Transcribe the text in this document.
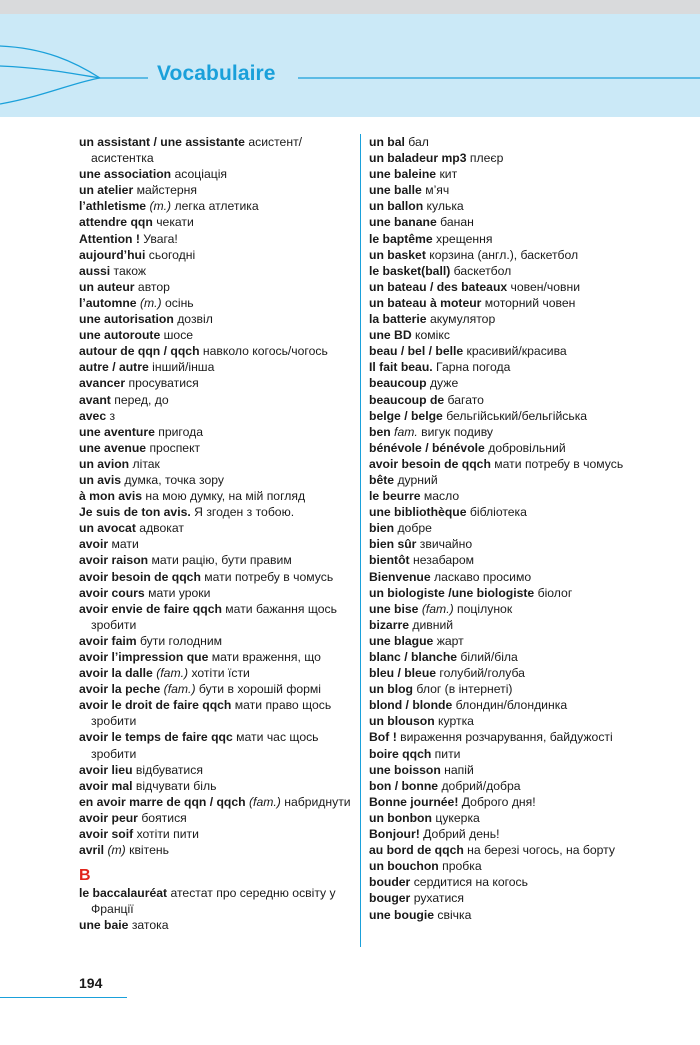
Vocabulaire
un assistant / une assistante асистент/ асистентка
une association асоціація
un atelier майстерня
l’athletisme (m.) легка атлетика
attendre qqn чекати
Attention ! Увага!
aujourd’hui сьогодні
aussi також
un auteur автор
l’automne (m.) осінь
une autorisation дозвіл
une autoroute шосе
autour de qqn / qqch навколо когось/чогось
autre / autre інший/інша
avancer просуватися
avant перед, до
avec з
une aventure пригода
une avenue проспект
un avion літак
un avis думка, точка зору
à mon avis на мою думку, на мій погляд
Je suis de ton avis. Я згоден з тобою.
un avocat адвокат
avoir мати
avoir raison мати рацію, бути правим
avoir besoin de qqch мати потребу в чомусь
avoir cours мати уроки
avoir envie de faire qqch мати бажання щось зробити
avoir faim бути голодним
avoir l’impression que мати враження, що
avoir la dalle (fam.) хотіти їсти
avoir la peche (fam.) бути в хорошій формі
avoir le droit de faire qqch мати право щось зробити
avoir le temps de faire qqc мати час щось зробити
avoir lieu відбуватися
avoir mal відчувати біль
en avoir marre de qqn / qqch (fam.) набриднути
avoir peur боятися
avoir soif хотіти пити
avril (m) квітень
B
le baccalauréat атестат про середню освіту у Франції
une baie затока
un bal бал
un baladeur mp3 плеєр
une baleine кит
une balle м’яч
un ballon кулька
une banane банан
le baptême хрещення
un basket корзина (англ.), баскетбол
le basket(ball) баскетбол
un bateau / des bateaux човен/човни
un bateau à moteur моторний човен
la batterie акумулятор
une BD комікс
beau / bel / belle красивий/красива
Il fait beau. Гарна погода
beaucoup дуже
beaucoup de багато
belge / belge бельгійський/бельгійська
ben fam. вигук подиву
bénévole / bénévole добровільний
avoir besoin de qqch мати потребу в чомусь
bête дурний
le beurre масло
une bibliothèque бібліотека
bien добре
bien sûr звичайно
bientôt незабаром
Bienvenue ласкаво просимо
un biologiste /une biologiste біолог
une bise (fam.) поцілунок
bizarre дивний
une blague жарт
blanc / blanche білий/біла
bleu / bleue голубий/голуба
un blog блог (в інтернеті)
blond / blonde блондин/блондинка
un blouson куртка
Bof ! вираження розчарування, байдужості
boire qqch пити
une boisson напій
bon / bonne добрий/добра
Bonne journée! Доброго дня!
un bonbon цукерка
Bonjour! Добрий день!
au bord de qqch на березі чогось, на борту
un bouchon пробка
bouder сердитися на когось
bouger рухатися
une bougie свічка
194
